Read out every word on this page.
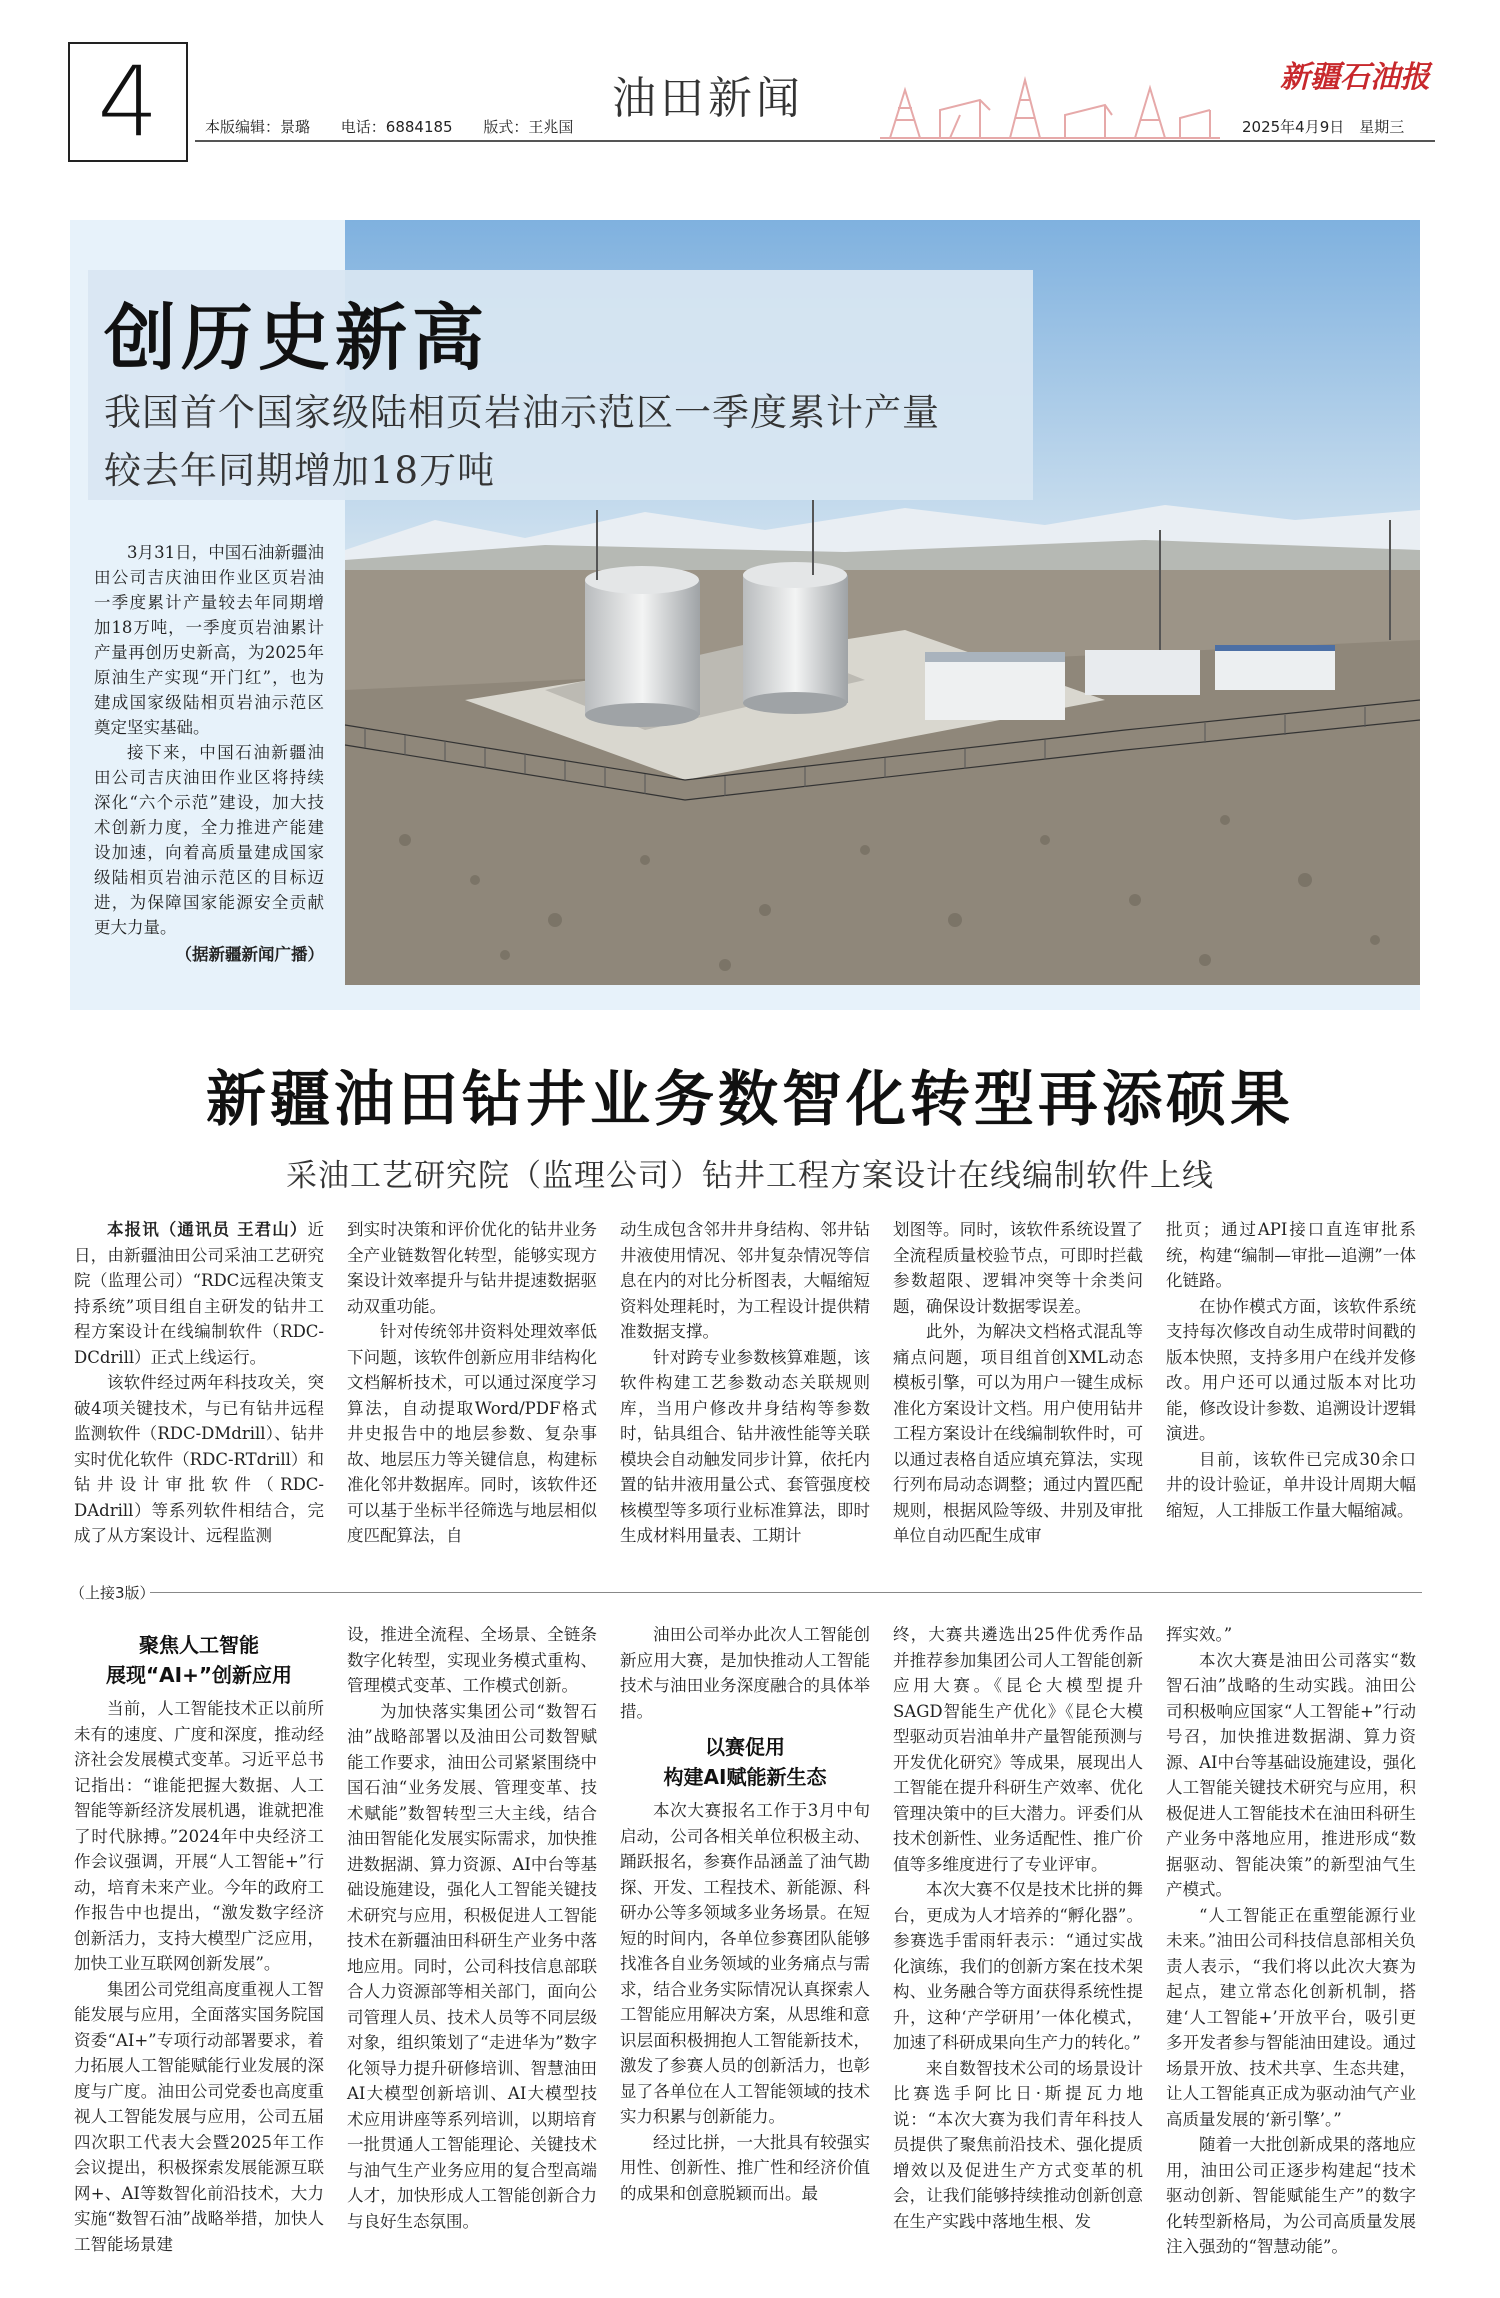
4	本版编辑：景璐 电话：6884185 版式：王兆国
油田新闻	新疆石油报
2025年4月9日　星期三
创历史新高
我国首个国家级陆相页岩油示范区一季度累计产量
较去年同期增加18万吨

3月31日，中国石油新疆油田公司吉庆油田作业区页岩油一季度累计产量较去年同期增加18万吨，一季度页岩油累计产量再创历史新高，为2025年原油生产实现“开门红”，也为建成国家级陆相页岩油示范区奠定坚实基础。

接下来，中国石油新疆油田公司吉庆油田作业区将持续深化“六个示范”建设，加大技术创新力度，全力推进产能建设加速，向着高质量建成国家级陆相页岩油示范区的目标迈进，为保障国家能源安全贡献更大力量。

（据新疆新闻广播）
新疆油田钻井业务数智化转型再添硕果
采油工艺研究院（监理公司）钻井工程方案设计在线编制软件上线

本报讯（通讯员 王君山）近日，由新疆油田公司采油工艺研究院（监理公司）“RDC远程决策支持系统”项目组自主研发的钻井工程方案设计在线编制软件（RDC-DCdrill）正式上线运行。

该软件经过两年科技攻关，突破4项关键技术，与已有钻井远程监测软件（RDC-DMdrill）、钻井实时优化软件（RDC-RTdrill）和钻井设计审批软件（RDC-DAdrill）等系列软件相结合，完成了从方案设计、远程监测

到实时决策和评价优化的钻井业务全产业链数智化转型，能够实现方案设计效率提升与钻井提速数据驱动双重功能。

针对传统邻井资料处理效率低下问题，该软件创新应用非结构化文档解析技术，可以通过深度学习算法，自动提取Word/PDF格式井史报告中的地层参数、复杂事故、地层压力等关键信息，构建标准化邻井数据库。同时，该软件还可以基于坐标半径筛选与地层相似度匹配算法，自

动生成包含邻井井身结构、邻井钻井液使用情况、邻井复杂情况等信息在内的对比分析图表，大幅缩短资料处理耗时，为工程设计提供精准数据支撑。

针对跨专业参数核算难题，该软件构建工艺参数动态关联规则库，当用户修改井身结构等参数时，钻具组合、钻井液性能等关联模块会自动触发同步计算，依托内置的钻井液用量公式、套管强度校核模型等多项行业标准算法，即时生成材料用量表、工期计

划图等。同时，该软件系统设置了全流程质量校验节点，可即时拦截参数超限、逻辑冲突等十余类问题，确保设计数据零误差。

此外，为解决文档格式混乱等痛点问题，项目组首创XML动态模板引擎，可以为用户一键生成标准化方案设计文档。用户使用钻井工程方案设计在线编制软件时，可以通过表格自适应填充算法，实现行列布局动态调整；通过内置匹配规则，根据风险等级、井别及审批单位自动匹配生成审

批页；通过API接口直连审批系统，构建“编制—审批—追溯”一体化链路。

在协作模式方面，该软件系统支持每次修改自动生成带时间戳的版本快照，支持多用户在线并发修改。用户还可以通过版本对比功能，修改设计参数、追溯设计逻辑演进。

目前，该软件已完成30余口井的设计验证，单井设计周期大幅缩短，人工排版工作量大幅缩减。

（上接3版）
聚焦人工智能
展现“AI+”创新应用

当前，人工智能技术正以前所未有的速度、广度和深度，推动经济社会发展模式变革。习近平总书记指出：“谁能把握大数据、人工智能等新经济发展机遇，谁就把准了时代脉搏。”2024年中央经济工作会议强调，开展“人工智能+”行动，培育未来产业。今年的政府工作报告中也提出，“激发数字经济创新活力，支持大模型广泛应用，加快工业互联网创新发展”。

集团公司党组高度重视人工智能发展与应用，全面落实国务院国资委“AI+”专项行动部署要求，着力拓展人工智能赋能行业发展的深度与广度。油田公司党委也高度重视人工智能发展与应用，公司五届四次职工代表大会暨2025年工作会议提出，积极探索发展能源互联网+、AI等数智化前沿技术，大力实施“数智石油”战略举措，加快人工智能场景建

设，推进全流程、全场景、全链条数字化转型，实现业务模式重构、管理模式变革、工作模式创新。

为加快落实集团公司“数智石油”战略部署以及油田公司数智赋能工作要求，油田公司紧紧围绕中国石油“业务发展、管理变革、技术赋能”数智转型三大主线，结合油田智能化发展实际需求，加快推进数据湖、算力资源、AI中台等基础设施建设，强化人工智能关键技术研究与应用，积极促进人工智能技术在新疆油田科研生产业务中落地应用。同时，公司科技信息部联合人力资源部等相关部门，面向公司管理人员、技术人员等不同层级对象，组织策划了“走进华为”数字化领导力提升研修培训、智慧油田AI大模型创新培训、AI大模型技术应用讲座等系列培训，以期培育一批贯通人工智能理论、关键技术与油气生产业务应用的复合型高端人才，加快形成人工智能创新合力与良好生态氛围。

油田公司举办此次人工智能创新应用大赛，是加快推动人工智能技术与油田业务深度融合的具体举措。

以赛促用
构建AI赋能新生态

本次大赛报名工作于3月中旬启动，公司各相关单位积极主动、踊跃报名，参赛作品涵盖了油气勘探、开发、工程技术、新能源、科研办公等多领域多业务场景。在短短的时间内，各单位参赛团队能够找准各自业务领域的业务痛点与需求，结合业务实际情况认真探索人工智能应用解决方案，从思维和意识层面积极拥抱人工智能新技术，激发了参赛人员的创新活力，也彰显了各单位在人工智能领域的技术实力积累与创新能力。

经过比拼，一大批具有较强实用性、创新性、推广性和经济价值的成果和创意脱颖而出。最

终，大赛共遴选出25件优秀作品并推荐参加集团公司人工智能创新应用大赛。《昆仑大模型提升SAGD智能生产优化》《昆仑大模型驱动页岩油单井产量智能预测与开发优化研究》等成果，展现出人工智能在提升科研生产效率、优化管理决策中的巨大潜力。评委们从技术创新性、业务适配性、推广价值等多维度进行了专业评审。

本次大赛不仅是技术比拼的舞台，更成为人才培养的“孵化器”。参赛选手雷雨轩表示：“通过实战化演练，我们的创新方案在技术架构、业务融合等方面获得系统性提升，这种‘产学研用’一体化模式，加速了科研成果向生产力的转化。”

来自数智技术公司的场景设计比赛选手阿比日·斯提瓦力地说：“本次大赛为我们青年科技人员提供了聚焦前沿技术、强化提质增效以及促进生产方式变革的机会，让我们能够持续推动创新创意在生产实践中落地生根、发

挥实效。”

本次大赛是油田公司落实“数智石油”战略的生动实践。油田公司积极响应国家“人工智能+”行动号召，加快推进数据湖、算力资源、AI中台等基础设施建设，强化人工智能关键技术研究与应用，积极促进人工智能技术在油田科研生产业务中落地应用，推进形成“数据驱动、智能决策”的新型油气生产模式。

“人工智能正在重塑能源行业未来。”油田公司科技信息部相关负责人表示，“我们将以此次大赛为起点，建立常态化创新机制，搭建‘人工智能+’开放平台，吸引更多开发者参与智能油田建设。通过场景开放、技术共享、生态共建，让人工智能真正成为驱动油气产业高质量发展的‘新引擎’。”

随着一大批创新成果的落地应用，油田公司正逐步构建起“技术驱动创新、智能赋能生产”的数字化转型新格局，为公司高质量发展注入强劲的“智慧动能”。
